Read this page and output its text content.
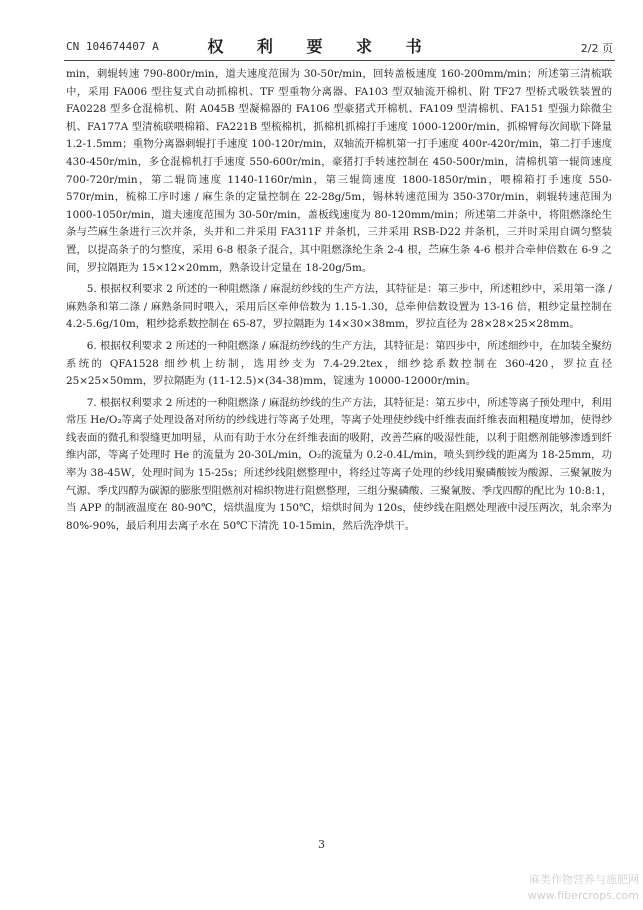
CN 104674407 A	权 利 要 求 书	2/2 页

min，刺辊转速 790-800r/min，道夫速度范围为 30-50r/min，回转盖板速度 160-200mm/min；所述第三清梳联中，采用 FA006 型往复式自动抓棉机、TF 型重物分离器、FA103 型双轴流开棉机、附 TF27 型桥式吸铁装置的 FA0228 型多仓混棉机、附 A045B 型凝棉器的 FA106 型豪猪式开棉机、FA109 型清棉机、FA151 型强力除微尘机、FA177A 型清梳联喂棉箱、FA221B 型梳棉机，抓棉机抓棉打手速度 1000-1200r/min，抓棉臂每次间歇下降量 1.2-1.5mm；重物分离器刺辊打手速度 100-120r/min，双轴流开棉机第一打手速度 400r-420r/min，第二打手速度 430-450r/min，多仓混棉机打手速度 550-600r/min，豪猪打手转速控制在 450-500r/min，清棉机第一辊筒速度 700-720r/min，第二辊筒速度 1140-1160r/min，第三辊筒速度 1800-1850r/min，喂棉箱打手速度 550-570r/min，梳棉工序时速 / 麻生条的定量控制在 22-28g/5m，锡林转速范围为 350-370r/min，刺辊转速范围为 1000-1050r/min，道夫速度范围为 30-50r/min，盖板线速度为 80-120mm/min；所述第二并条中，将阻燃涤纶生条与苎麻生条进行三次并条，头并和二并采用 FA311F 并条机，三并采用 RSB-D22 并条机，三并时采用自调匀整装置，以提高条子的匀整度，采用 6-8 根条子混合，其中阻燃涤纶生条 2-4 根，苎麻生条 4-6 根并合牵伸倍数在 6-9 之间，罗拉隔距为 15×12×20mm，熟条设计定量在 18-20g/5m。

5. 根据权利要求 2 所述的一种阻燃涤 / 麻混纺纱线的生产方法，其特征是：第三步中，所述粗纱中，采用第一涤 / 麻熟条和第二涤 / 麻熟条同时喂入，采用后区牵伸倍数为 1.15-1.30，总牵伸倍数设置为 13-16 倍，粗纱定量控制在 4.2-5.6g/10m，粗纱捻系数控制在 65-87，罗拉隔距为 14×30×38mm，罗拉直径为 28×28×25×28mm。

6. 根据权利要求 2 所述的一种阻燃涤 / 麻混纺纱线的生产方法，其特征是：第四步中，所述细纱中，在加装全聚纺系统的 QFA1528 细纱机上纺制，选用纱支为 7.4-29.2tex，细纱捻系数控制在 360-420，罗拉直径 25×25×50mm，罗拉隔距为 (11-12.5)×(34-38)mm，锭速为 10000-12000r/min。

7. 根据权利要求 2 所述的一种阻燃涤 / 麻混纺纱线的生产方法，其特征是：第五步中，所述等离子预处理中，利用常压 He/O₂等离子处理设备对所纺的纱线进行等离子处理，等离子处理使纱线中纤维表面纤维表面粗糙度增加，使得纱线表面的微孔和裂缝更加明显，从而有助于水分在纤维表面的吸附，改善苎麻的吸湿性能，以利于阻燃剂能够渗透到纤维内部，等离子处理时 He 的流量为 20-30L/min，O₂的流量为 0.2-0.4L/min，喷头到纱线的距离为 18-25mm，功率为 38-45W，处理时间为 15-25s；所述纱线阻燃整理中，将经过等离子处理的纱线用聚磷酸铵为酸源、三聚氰胺为气源、季戊四醇为碳源的膨胀型阻燃剂对棉织物进行阻燃整理，三组分聚磷酸、三聚氰胺、季戊四醇的配比为 10:8:1，当 APP 的制液温度在 80-90℃，焙烘温度为 150℃，焙烘时间为 120s，使纱线在阻燃处理液中浸压两次，轧余率为 80%-90%，最后利用去离子水在 50℃下清洗 10-15min，然后洗净烘干。

3
麻类作物营养与施肥网
www.fibercrops.com
